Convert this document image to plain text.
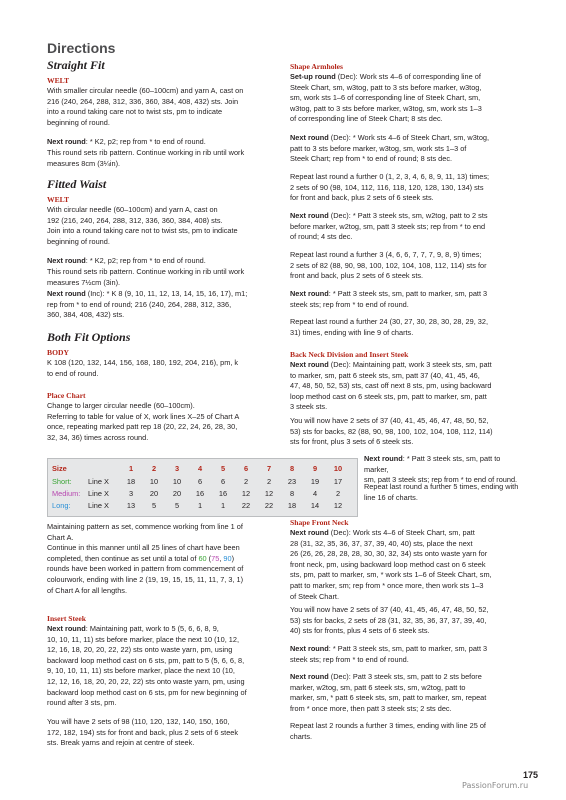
Directions
Straight Fit
WELT
With smaller circular needle (60–100cm) and yarn A, cast on
216 (240, 264, 288, 312, 336, 360, 384, 408, 432) sts. Join
into a round taking care not to twist sts, pm to indicate
beginning of round.
Next round: * K2, p2; rep from * to end of round.
This round sets rib pattern. Continue working in rib until work
measures 8cm (3¼in).
Fitted Waist
WELT
With circular needle (60–100cm) and yarn A, cast on
192 (216, 240, 264, 288, 312, 336, 360, 384, 408) sts.
Join into a round taking care not to twist sts, pm to indicate
beginning of round.
Next round: * K2, p2; rep from * to end of round.
This round sets rib pattern. Continue working in rib until work
measures 7½cm (3in).
Next round (Inc): * K 8 (9, 10, 11, 12, 13, 14, 15, 16, 17), m1;
rep from * to end of round; 216 (240, 264, 288, 312, 336,
360, 384, 408, 432) sts.
Both Fit Options
BODY
K 108 (120, 132, 144, 156, 168, 180, 192, 204, 216), pm, k
to end of round.
Place Chart
Change to larger circular needle (60–100cm).
Referring to table for value of X, work lines X–25 of Chart A
once, repeating marked patt rep 18 (20, 22, 24, 26, 28, 30,
32, 34, 36) times across round.
Size	1	2	3	4	5	6	7	8	9	10
Short:	Line X	18	10	10	6	6	2	2	23	19	17
Medium:	Line X	3	20	20	16	16	12	12	8	4	2
Long:	Line X	13	5	5	1	1	22	22	18	14	12
Maintaining pattern as set, commence working from line 1 of
Chart A.
Continue in this manner until all 25 lines of chart have been
completed, then continue as set until a total of 60 (75, 90)
rounds have been worked in pattern from commencement of
colourwork, ending with line 2 (19, 19, 15, 15, 11, 11, 7, 3, 1)
of Chart A for all lengths.
Insert Steek
Next round: Maintaining patt, work to 5 (5, 6, 6, 8, 9,
10, 10, 11, 11) sts before marker, place the next 10 (10, 12,
12, 16, 18, 20, 20, 22, 22) sts onto waste yarn, pm, using
backward loop method cast on 6 sts, pm, patt to 5 (5, 6, 6, 8,
9, 10, 10, 11, 11) sts before marker, place the next 10 (10,
12, 12, 16, 18, 20, 20, 22, 22) sts onto waste yarn, pm, using
backward loop method cast on 6 sts, pm for new beginning of
round after 3 sts, pm.
You will have 2 sets of 98 (110, 120, 132, 140, 150, 160,
172, 182, 194) sts for front and back, plus 2 sets of 6 steek
sts. Break yarns and rejoin at centre of steek.
Shape Armholes
Set-up round (Dec): Work sts 4–6 of corresponding line of
Steek Chart, sm, w3tog, patt to 3 sts before marker, w3tog,
sm, work sts 1–6 of corresponding line of Steek Chart, sm,
w3tog, patt to 3 sts before marker, w3tog, sm, work sts 1–3
of corresponding line of Steek Chart; 8 sts dec.
Next round (Dec): * Work sts 4–6 of Steek Chart, sm, w3tog,
patt to 3 sts before marker, w3tog, sm, work sts 1–3 of
Steek Chart; rep from * to end of round; 8 sts dec.
Repeat last round a further 0 (1, 2, 3, 4, 6, 8, 9, 11, 13) times;
2 sets of 90 (98, 104, 112, 116, 118, 120, 128, 130, 134) sts
for front and back, plus 2 sets of 6 steek sts.
Next round (Dec): * Patt 3 steek sts, sm, w2tog, patt to 2 sts
before marker, w2tog, sm, patt 3 steek sts; rep from * to end
of round; 4 sts dec.
Repeat last round a further 3 (4, 6, 6, 7, 7, 7, 9, 8, 9) times;
2 sets of 82 (88, 90, 98, 100, 102, 104, 108, 112, 114) sts for
front and back, plus 2 sets of 6 steek sts.
Next round: * Patt 3 steek sts, sm, patt to marker, sm, patt 3
steek sts; rep from * to end of round.
Repeat last round a further 24 (30, 27, 30, 28, 30, 28, 29, 32,
31) times, ending with line 9 of charts.
Back Neck Division and Insert Steek
Next round (Dec): Maintaining patt, work 3 steek sts, sm, patt
to marker, sm, patt 6 steek sts, sm, patt 37 (40, 41, 45, 46,
47, 48, 50, 52, 53) sts, cast off next 8 sts, pm, using backward
loop method cast on 6 steek sts, pm, patt to marker, sm, patt
3 steek sts.
You will now have 2 sets of 37 (40, 41, 45, 46, 47, 48, 50, 52,
53) sts for backs, 82 (88, 90, 98, 100, 102, 104, 108, 112, 114)
sts for front, plus 3 sets of 6 steek sts.
Next round: * Patt 3 steek sts, sm, patt to marker,
sm, patt 3 steek sts; rep from * to end of round.
Repeat last round a further 5 times, ending with
line 16 of charts.
Shape Front Neck
Next round (Dec): Work sts 4–6 of Steek Chart, sm, patt
28 (31, 32, 35, 36, 37, 37, 39, 40, 40) sts, place the next
26 (26, 26, 28, 28, 28, 30, 30, 32, 34) sts onto waste yarn for
front neck, pm, using backward loop method cast on 6 steek
sts, pm, patt to marker, sm, * work sts 1–6 of Steek Chart, sm,
patt to marker, sm; rep from * once more, then work sts 1–3
of Steek Chart.
You will now have 2 sets of 37 (40, 41, 45, 46, 47, 48, 50, 52,
53) sts for backs, 2 sets of 28 (31, 32, 35, 36, 37, 37, 39, 40,
40) sts for fronts, plus 4 sets of 6 steek sts.
Next round: * Patt 3 steek sts, sm, patt to marker, sm, patt 3
steek sts; rep from * to end of round.
Next round (Dec): Patt 3 steek sts, sm, patt to 2 sts before
marker, w2tog, sm, patt 6 steek sts, sm, w2tog, patt to
marker, sm, * patt 6 steek sts, sm, patt to marker, sm, repeat
from * once more, then patt 3 steek sts; 2 sts dec.
Repeat last 2 rounds a further 3 times, ending with line 25 of
charts.
175
PassionForum.ru
